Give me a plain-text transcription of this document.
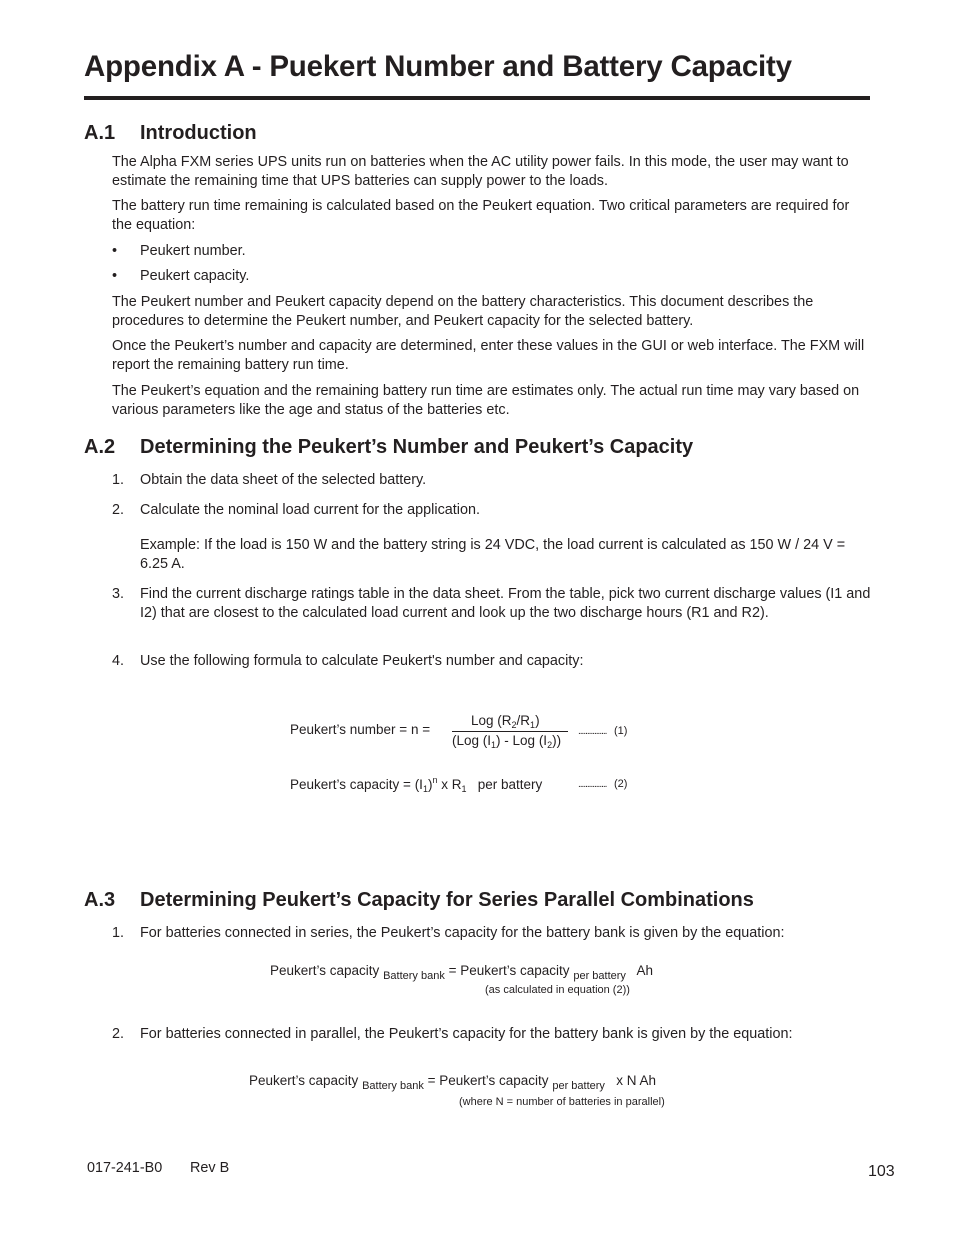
Appendix A - Puekert Number and Battery Capacity
A.1 Introduction

The Alpha FXM series UPS units run on batteries when the AC utility power fails. In this mode, the user may want to estimate the remaining time that UPS batteries can supply power to the loads.

The battery run time remaining is calculated based on the Peukert equation. Two critical parameters are required for the equation:

• Peukert number.
• Peukert capacity.

The Peukert number and Peukert capacity depend on the battery characteristics. This document describes the procedures to determine the Peukert number, and Peukert capacity for the selected battery.

Once the Peukert’s number and capacity are determined, enter these values in the GUI or web interface. The FXM will report the remaining battery run time.

The Peukert’s equation and the remaining battery run time are estimates only. The actual run time may vary based on various parameters like the age and status of the batteries etc.

A.2 Determining the Peukert’s Number and Peukert’s Capacity
1. Obtain the data sheet of the selected battery.
2. Calculate the nominal load current for the application.
Example: If the load is 150 W and the battery string is 24 VDC, the load current is calculated as 150 W / 24 V = 6.25 A.
3. Find the current discharge ratings table in the data sheet. From the table, pick two current discharge values (I1 and I2) that are closest to the calculated load current and look up the two discharge hours (R1 and R2).
4. Use the following formula to calculate Peukert's number and capacity:
Peukert’s number = n =
Log $(R_2/R_1)$
(Log $(I_1)$ - Log $(I_2)$)
................ (1)
Peukert’s capacity = $(I_1)^n$ x $R_1$ per battery	................ (2)
A.3 Determining Peukert’s Capacity for Series Parallel Combinations
1. For batteries connected in series, the Peukert’s capacity for the battery bank is given by the equation:
Peukert’s capacity $_{Battery bank}$ = Peukert’s capacity $_{per battery}$ Ah
(as calculated in equation (2))
2. For batteries connected in parallel, the Peukert’s capacity for the battery bank is given by the equation:
Peukert’s capacity $_{Battery bank}$ = Peukert’s capacity $_{per battery}$ x N Ah
(where N = number of batteries in parallel)
017-241-B0 Rev B	103
